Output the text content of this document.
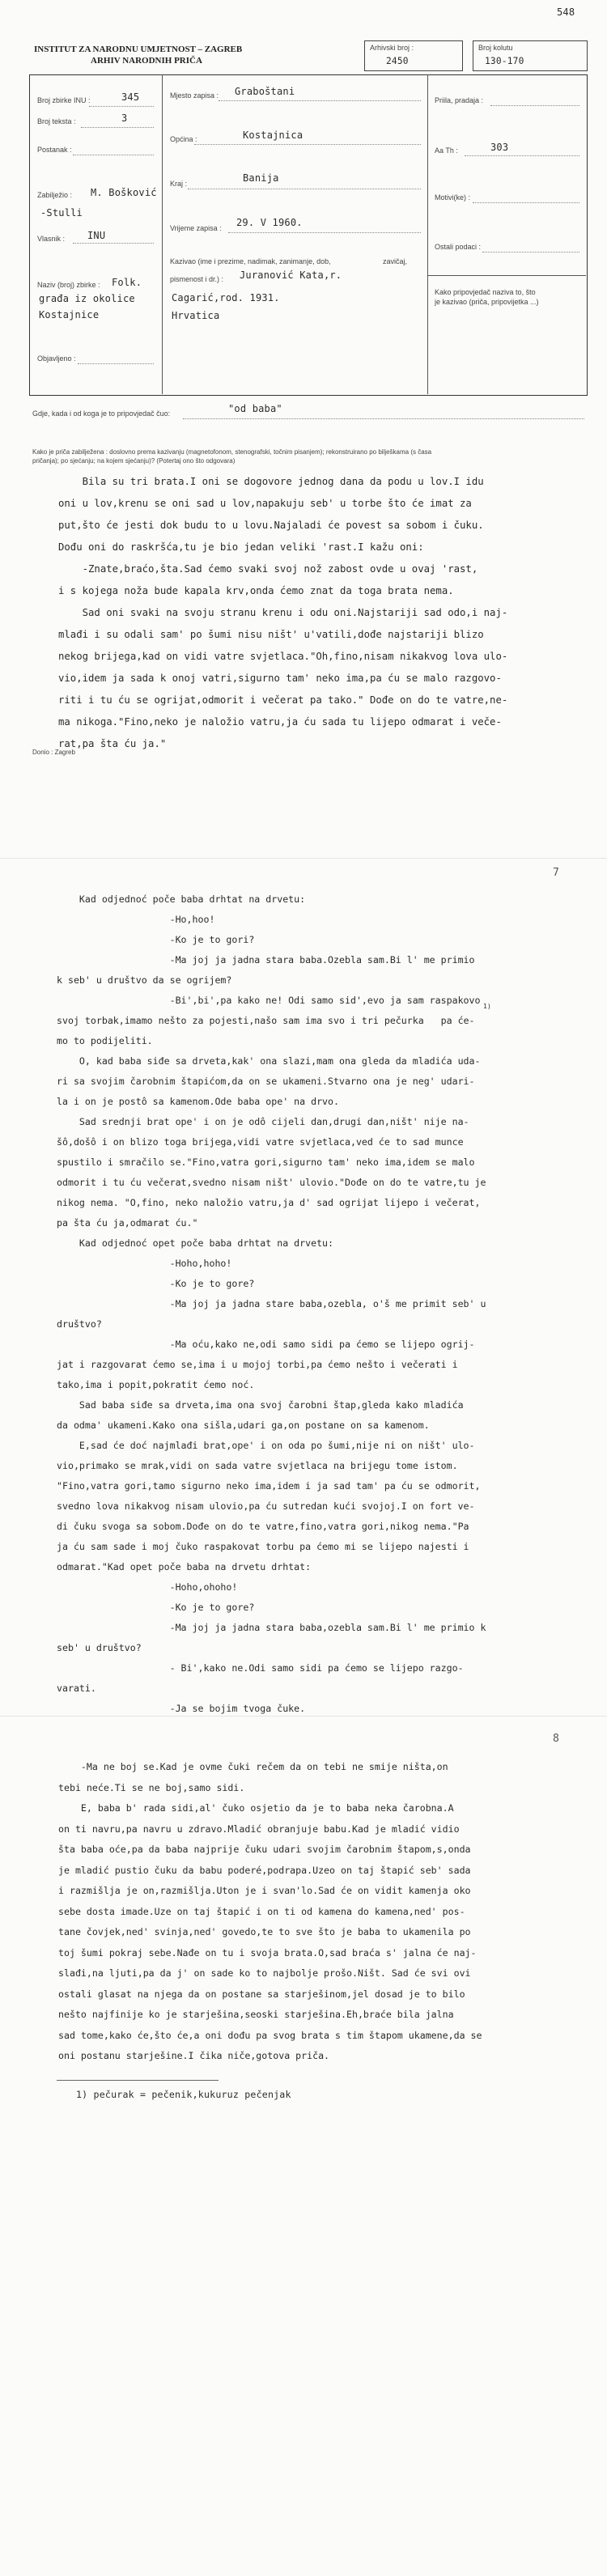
548
INSTITUT ZA NARODNU UMJETNOST – ZAGREB
ARHIV NARODNIH PRIČA
Arhivski broj :
2450
Broj kolutu
130-170
Broj zbirke INU :	345
Broj teksta :	3
Postanak :
Zabilježio : M. Bošković
-Stulli
Vlasnik : INU
Naziv (broj) zbirke : Folk.
građa iz okolice
Kostajnice
Objavljeno :
Mjesto zapisa : Graboštani
Općina :	Kostajnica
Kraj :	Banija
Vrijeme zapisa : 29. V 1960.
Kazivao (ime i prezime, nadimak, zanimanje, dob,	zavičaj,
pismenost i dr.) : Juranović Kata,r.
Cagarić,rod. 1931.
Hrvatica
Priila, pradaja :
Aa Th :	303
Motivi(ke) :
Ostali podaci :
Kako pripovjedač naziva to, što
je kazivao (priča, pripovijetka ...)
Gdje, kada i od koga je to pripovjedač čuo:	"od baba"
Kako je priča zabilježena : doslovno prema kazivanju (magnetofonom, stenografski, točnim pisanjem); rekonstruirano po bilješkama (s časa
pričanja); po sjećanju; na kojem sjećanju)? (Potertaj ono što odgovara)
Bila su tri brata.I oni se dogovore jednog dana da podu u lov.I idu
oni u lov,krenu se oni sad u lov,napakuju seb' u torbe što će imat za
put,što će jesti dok budu to u lovu.Najaladi će povest sa sobom i čuku.
Dođu oni do raskršća,tu je bio jedan veliki 'rast.I kažu oni:
-Znate,braćo,šta.Sad ćemo svaki svoj nož zabost ovde u ovaj 'rast,
i s kojega noža bude kapala krv,onda ćemo znat da toga brata nema.
Sad oni svaki na svoju stranu krenu i odu oni.Najstariji sad odo,i naj-
mlađi i su odali sam' po šumi nisu ništ' u'vatili,dođe najstariji blizo
nekog brijega,kad on vidi vatre svjetlaca."Oh,fino,nisam nikakvog lova ulo-
vio,idem ja sada k onoj vatri,sigurno tam' neko ima,pa ću se malo razgovo-
riti i tu ću se ogrijat,odmorit i večerat pa tako." Dođe on do te vatre,ne-
ma nikoga."Fino,neko je naložio vatru,ja ću sada tu lijepo odmarat i veče-
rat,pa šta ću ja."
Donio : Zagreb
7
Kad odjednoć poče baba drhtat na drvetu:
-Ho,hoo!
-Ko je to gori?
-Ma joj ja jadna stara baba.Ozebla sam.Bi l' me primio
k seb' u društvo da se ogrijem?
-Bi',bi',pa kako ne! Odi samo sid',evo ja sam raspakovo
svoj torbak,imamo nešto za pojesti,našo sam ima svo i tri pečurka   pa će-
mo to podijeliti.
O, kad baba siđe sa drveta,kak' ona slazi,mam ona gleda da mladića uda-
ri sa svojim čarobnim štapićom,da on se ukameni.Stvarno ona je neg' udari-
la i on je postô sa kamenom.Ode baba ope' na drvo.
Sad srednji brat ope' i on je odô cijeli dan,drugi dan,ništ' nije na-
šô,došô i on blizo toga brijega,vidi vatre svjetlaca,ved će to sad munce
spustilo i smračilo se."Fino,vatra gori,sigurno tam' neko ima,idem se malo
odmorit i tu ću večerat,svedno nisam ništ' ulovio."Dođe on do te vatre,tu je
nikog nema. "O,fino, neko naložio vatru,ja d' sad ogrijat lijepo i večerat,
pa šta ću ja,odmarat ću."
Kad odjednoć opet poče baba drhtat na drvetu:
-Hoho,hoho!
-Ko je to gore?
-Ma joj ja jadna stare baba,ozebla, o'š me primit seb' u
društvo?
-Ma oću,kako ne,odi samo sidi pa ćemo se lijepo ogrij-
jat i razgovarat ćemo se,ima i u mojoj torbi,pa ćemo nešto i večerati i
tako,ima i popit,pokratit ćemo noć.
Sad baba siđe sa drveta,ima ona svoj čarobni štap,gleda kako mladića
da odma' ukameni.Kako ona sišla,udari ga,on postane on sa kamenom.
E,sad će doć najmlađi brat,ope' i on oda po šumi,nije ni on ništ' ulo-
vio,primako se mrak,vidi on sada vatre svjetlaca na brijegu tome istom.
"Fino,vatra gori,tamo sigurno neko ima,idem i ja sad tam' pa ću se odmorit,
svedno lova nikakvog nisam ulovio,pa ću sutredan kući svojoj.I on fort ve-
di čuku svoga sa sobom.Dođe on do te vatre,fino,vatra gori,nikog nema."Pa
ja ću sam sade i moj čuko raspakovat torbu pa ćemo mi se lijepo najesti i
odmarat."Kad opet poče baba na drvetu drhtat:
-Hoho,ohoho!
-Ko je to gore?
-Ma joj ja jadna stara baba,ozebla sam.Bi l' me primio k
seb' u društvo?
- Bi',kako ne.Odi samo sidi pa ćemo se lijepo razgo-
varati.
-Ja se bojim tvoga čuke.
1)
8
-Ma ne boj se.Kad je ovme čuki rečem da on tebi ne smije ništa,on
tebi neće.Ti se ne boj,samo sidi.
E, baba b' rada sidi,al' čuko osjetio da je to baba neka čarobna.A
on ti navru,pa navru u zdravo.Mladić obranjuje babu.Kad je mladić vidio
šta baba oće,pa da baba najprije čuku udari svojim čarobnim štapom,s,onda
je mladić pustio čuku da babu poderé,podrapa.Uzeo on taj štapić seb' sada
i razmišlja je on,razmišlja.Uton je i svan'lo.Sad će on vidit kamenja oko
sebe dosta imade.Uze on taj štapić i on ti od kamena do kamena,ned' pos-
tane čovjek,ned' svinja,ned' govedo,te to sve što je baba to ukamenila po
toj šumi pokraj sebe.Nađe on tu i svoja brata.O,sad braća s' jalna će naj-
slađi,na ljuti,pa da j' on sade ko to najbolje prošo.Ništ. Sad će svi ovi
ostali glasat na njega da on postane sa starješinom,jel dosad je to bilo
nešto najfinije ko je starješina,seoski starješina.Eh,braće bila jalna
sad tome,kako će,što će,a oni dođu pa svog brata s tim štapom ukamene,da se
oni postanu starješine.I čika niče,gotova priča.
1) pečurak = pečenik,kukuruz pečenjak
